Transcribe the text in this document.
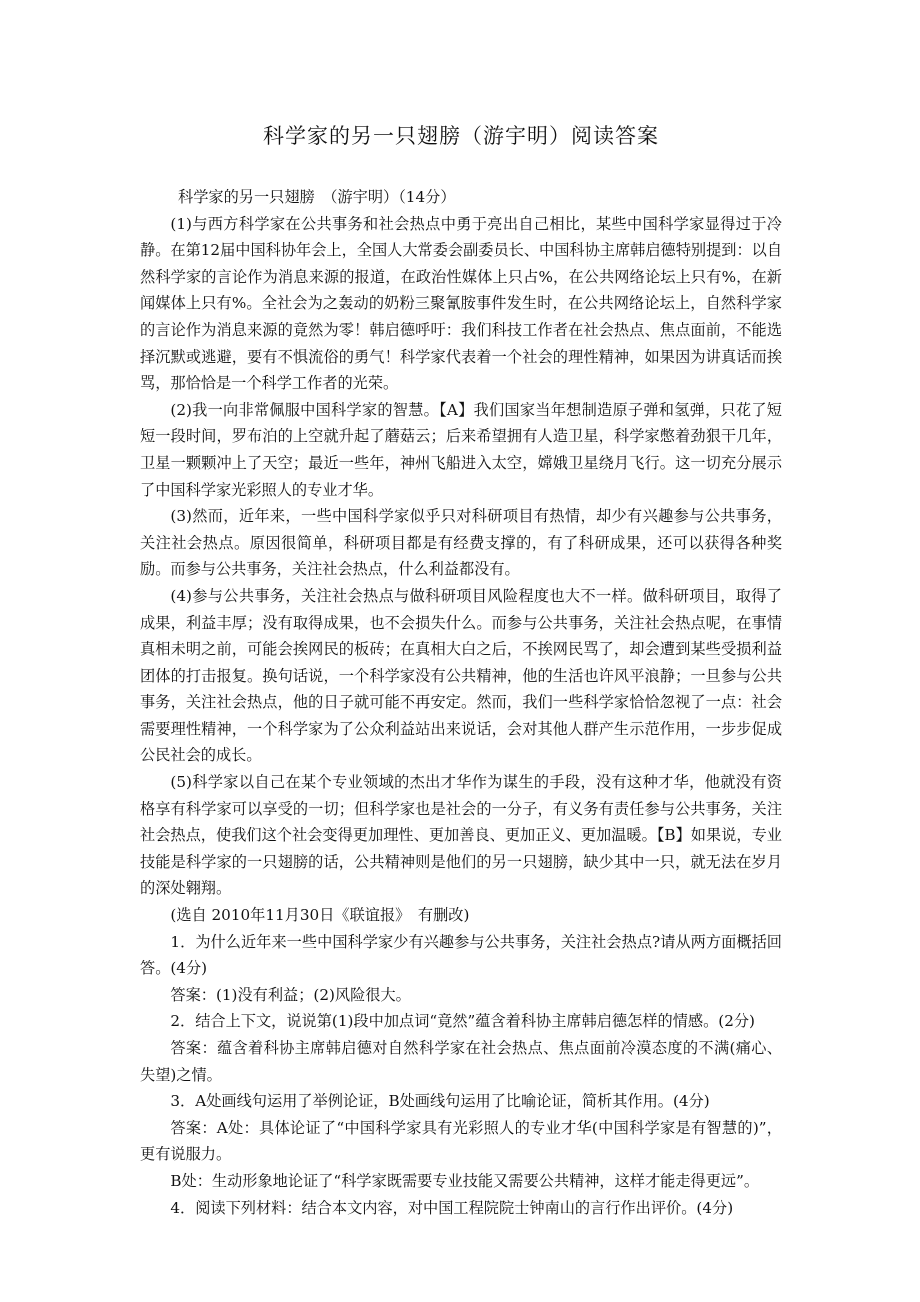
科学家的另一只翅膀（游宇明）阅读答案

科学家的另一只翅膀　（游宇明）（14分）

(1)与西方科学家在公共事务和社会热点中勇于亮出自己相比，某些中国科学家显得过于冷静。在第12届中国科协年会上，全国人大常委会副委员长、中国科协主席韩启德特别提到：以自然科学家的言论作为消息来源的报道，在政治性媒体上只占%，在公共网络论坛上只有%，在新闻媒体上只有%。全社会为之轰动的奶粉三聚氰胺事件发生时，在公共网络论坛上，自然科学家的言论作为消息来源的竟然为零！韩启德呼吁：我们科技工作者在社会热点、焦点面前，不能选择沉默或逃避，要有不惧流俗的勇气！科学家代表着一个社会的理性精神，如果因为讲真话而挨骂，那恰恰是一个科学工作者的光荣。

(2)我一向非常佩服中国科学家的智慧。【A】我们国家当年想制造原子弹和氢弹，只花了短短一段时间，罗布泊的上空就升起了蘑菇云；后来希望拥有人造卫星，科学家憋着劲狠干几年，卫星一颗颗冲上了天空；最近一些年，神州飞船进入太空，嫦娥卫星绕月飞行。这一切充分展示了中国科学家光彩照人的专业才华。

(3)然而，近年来，一些中国科学家似乎只对科研项目有热情，却少有兴趣参与公共事务，关注社会热点。原因很简单，科研项目都是有经费支撑的，有了科研成果，还可以获得各种奖励。而参与公共事务，关注社会热点，什么利益都没有。

(4)参与公共事务，关注社会热点与做科研项目风险程度也大不一样。做科研项目，取得了成果，利益丰厚；没有取得成果，也不会损失什么。而参与公共事务，关注社会热点呢，在事情真相未明之前，可能会挨网民的板砖；在真相大白之后，不挨网民骂了，却会遭到某些受损利益团体的打击报复。换句话说，一个科学家没有公共精神，他的生活也许风平浪静；一旦参与公共事务，关注社会热点，他的日子就可能不再安定。然而，我们一些科学家恰恰忽视了一点：社会需要理性精神，一个科学家为了公众利益站出来说话，会对其他人群产生示范作用，一步步促成公民社会的成长。

(5)科学家以自己在某个专业领域的杰出才华作为谋生的手段，没有这种才华，他就没有资格享有科学家可以享受的一切；但科学家也是社会的一分子，有义务有责任参与公共事务，关注社会热点，使我们这个社会变得更加理性、更加善良、更加正义、更加温暖。【B】如果说，专业技能是科学家的一只翅膀的话，公共精神则是他们的另一只翅膀，缺少其中一只，就无法在岁月的深处翱翔。

(选自 2010年11月30日《联谊报》　有删改)

1．为什么近年来一些中国科学家少有兴趣参与公共事务，关注社会热点?请从两方面概括回答。(4分)

答案：(1)没有利益；(2)风险很大。

2．结合上下文，说说第(1)段中加点词“竟然”蕴含着科协主席韩启德怎样的情感。(2分)

答案：蕴含着科协主席韩启德对自然科学家在社会热点、焦点面前冷漠态度的不满(痛心、失望)之情。

3．A处画线句运用了举例论证，B处画线句运用了比喻论证，简析其作用。(4分)

答案：A处：具体论证了“中国科学家具有光彩照人的专业才华(中国科学家是有智慧的)”，更有说服力。

B处：生动形象地论证了“科学家既需要专业技能又需要公共精神，这样才能走得更远”。

4．阅读下列材料：结合本文内容，对中国工程院院士钟南山的言行作出评价。(4分)
